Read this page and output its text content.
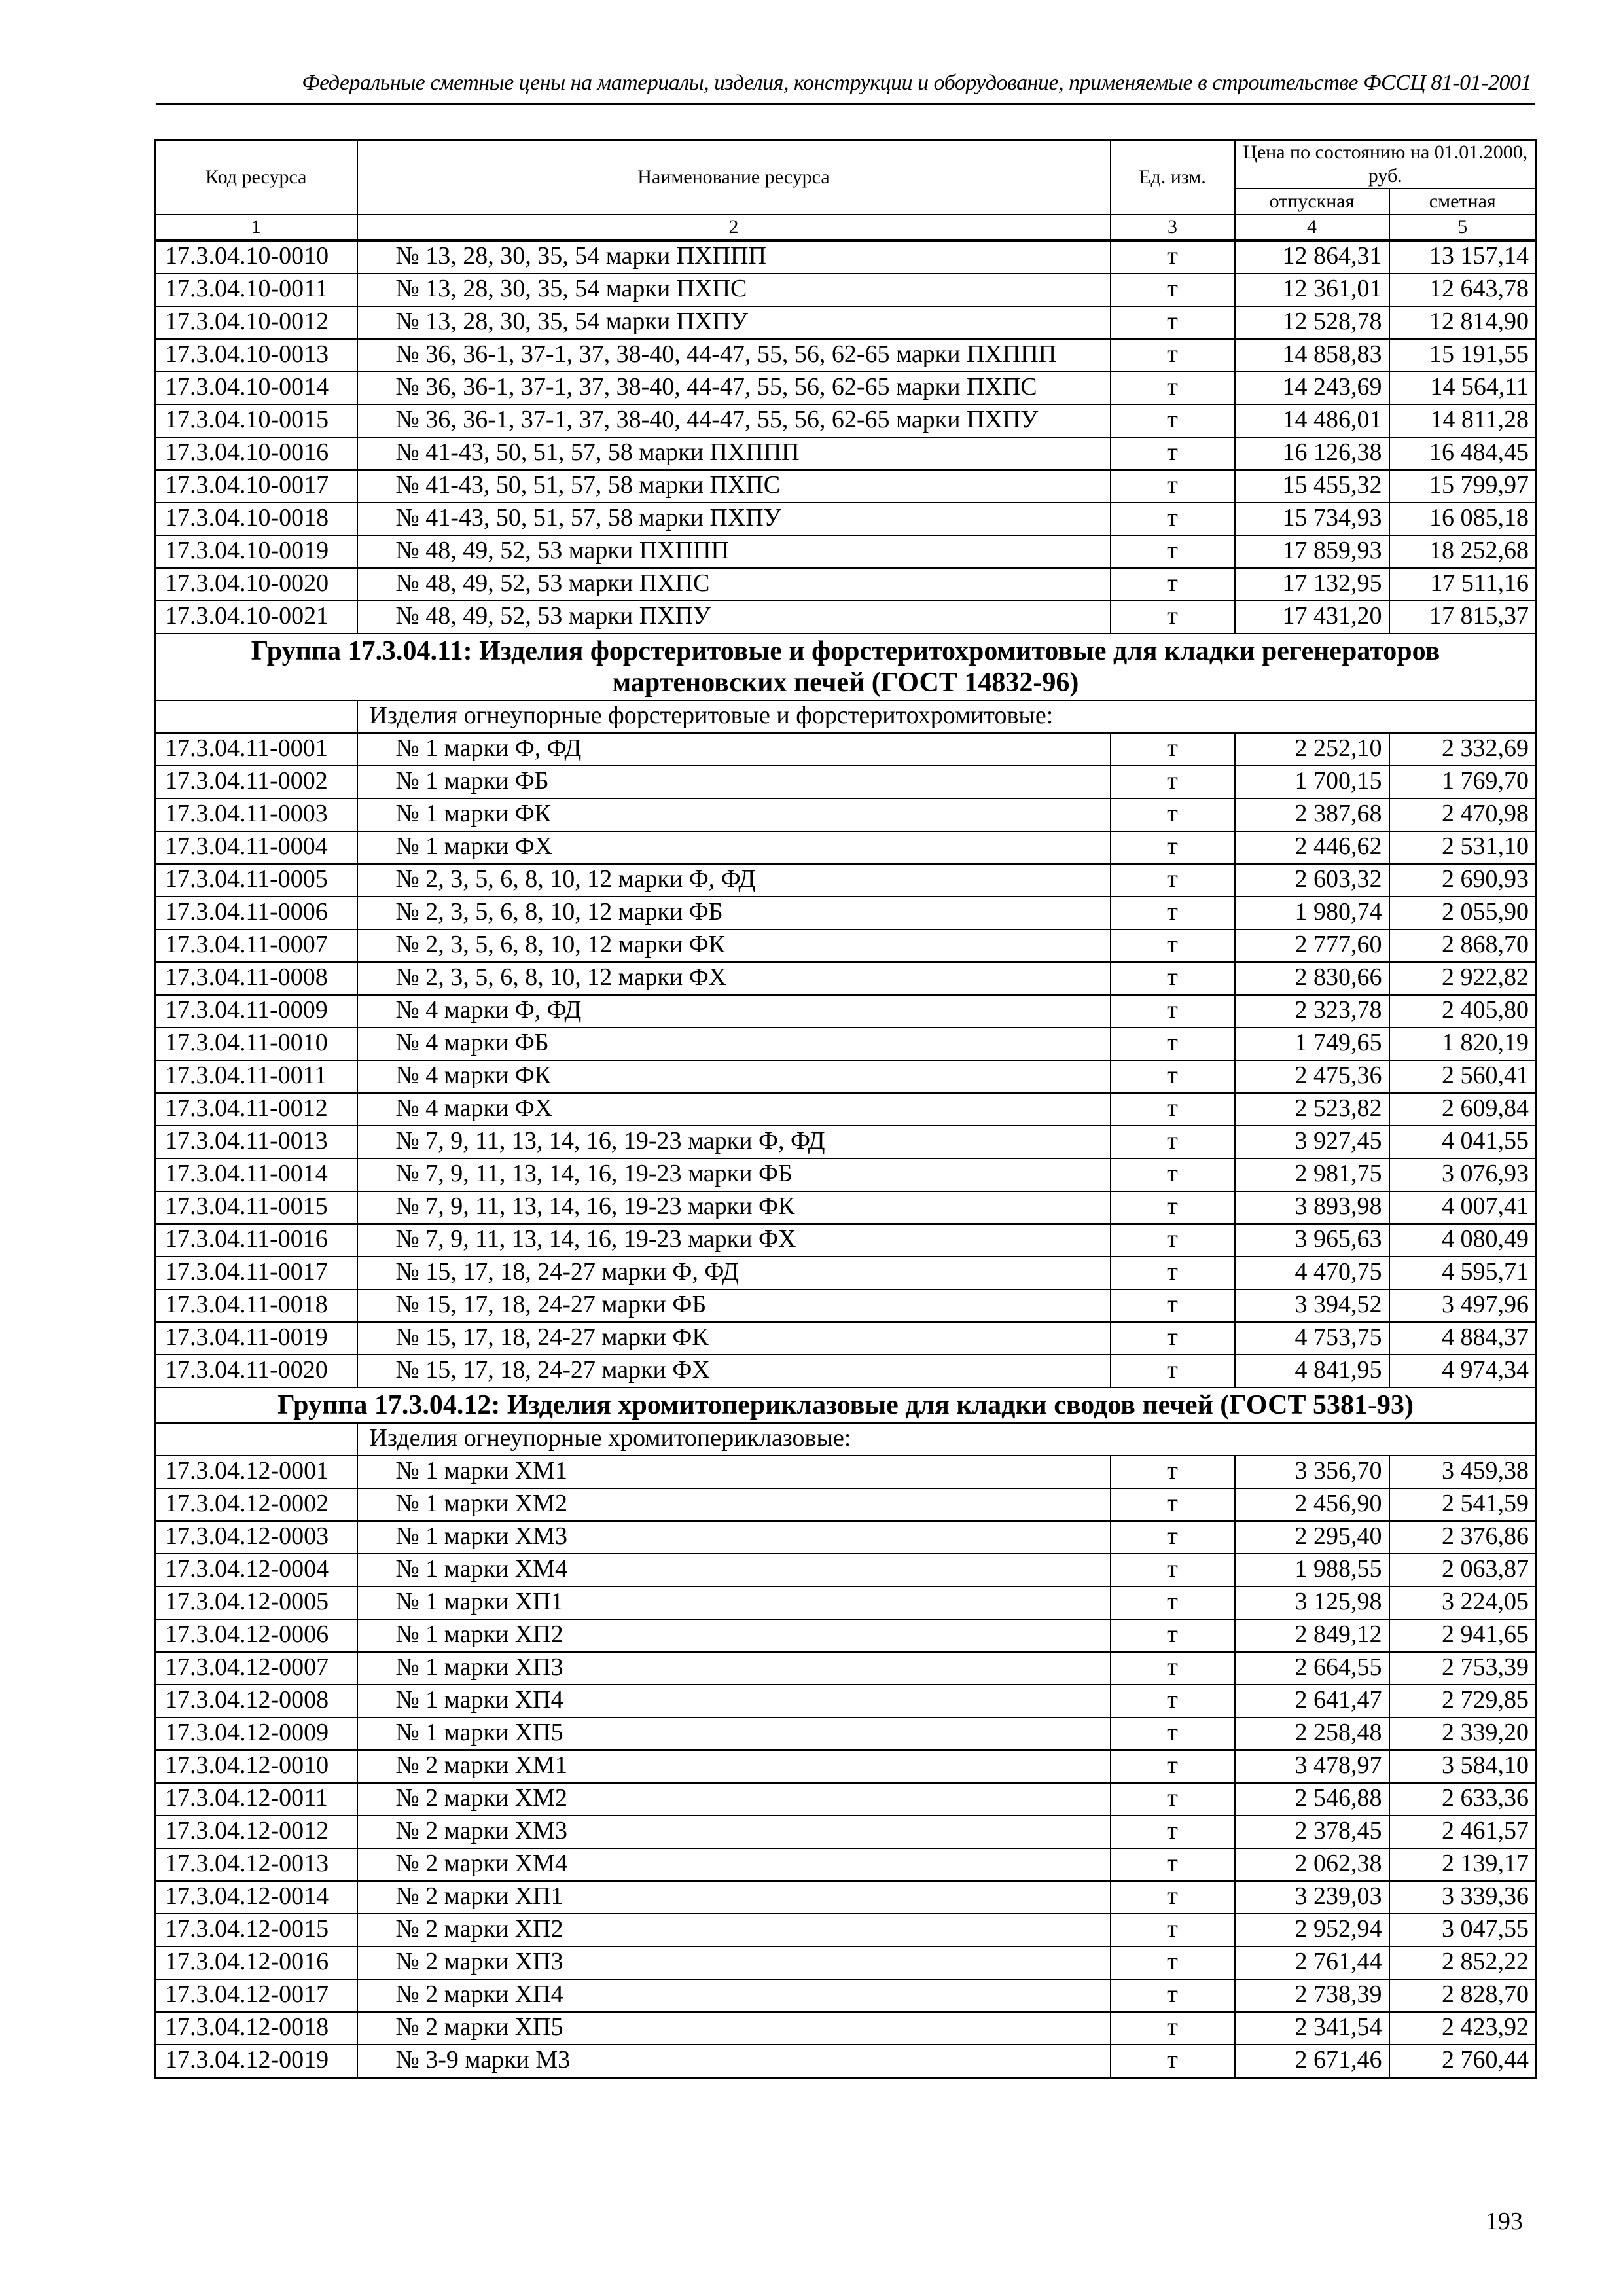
Федеральные сметные цены на материалы, изделия, конструкции и оборудование, применяемые в строительстве ФССЦ 81-01-2001
Код ресурса	Наименование ресурса	Ед. изм.	Цена по состоянию на 01.01.2000, руб.	
			отпускная	сметная
1	2	3	4	5
17.3.04.10-0010	№ 13, 28, 30, 35, 54 марки ПХППП	т	12 864,31	13 157,14
17.3.04.10-0011	№ 13, 28, 30, 35, 54 марки ПХПС	т	12 361,01	12 643,78
17.3.04.10-0012	№ 13, 28, 30, 35, 54 марки ПХПУ	т	12 528,78	12 814,90
17.3.04.10-0013	№ 36, 36-1, 37-1, 37, 38-40, 44-47, 55, 56, 62-65 марки ПХППП	т	14 858,83	15 191,55
17.3.04.10-0014	№ 36, 36-1, 37-1, 37, 38-40, 44-47, 55, 56, 62-65 марки ПХПС	т	14 243,69	14 564,11
17.3.04.10-0015	№ 36, 36-1, 37-1, 37, 38-40, 44-47, 55, 56, 62-65 марки ПХПУ	т	14 486,01	14 811,28
17.3.04.10-0016	№ 41-43, 50, 51, 57, 58 марки ПХППП	т	16 126,38	16 484,45
17.3.04.10-0017	№ 41-43, 50, 51, 57, 58 марки ПХПС	т	15 455,32	15 799,97
17.3.04.10-0018	№ 41-43, 50, 51, 57, 58 марки ПХПУ	т	15 734,93	16 085,18
17.3.04.10-0019	№ 48, 49, 52, 53 марки ПХППП	т	17 859,93	18 252,68
17.3.04.10-0020	№ 48, 49, 52, 53 марки ПХПС	т	17 132,95	17 511,16
17.3.04.10-0021	№ 48, 49, 52, 53 марки ПХПУ	т	17 431,20	17 815,37
Группа 17.3.04.11: Изделия форстеритовые и форстеритохромитовые для кладки регенераторов мартеновских печей (ГОСТ 14832-96)				
	Изделия огнеупорные форстеритовые и форстеритохромитовые:			
17.3.04.11-0001	№ 1 марки Ф, ФД	т	2 252,10	2 332,69
17.3.04.11-0002	№ 1 марки ФБ	т	1 700,15	1 769,70
17.3.04.11-0003	№ 1 марки ФК	т	2 387,68	2 470,98
17.3.04.11-0004	№ 1 марки ФХ	т	2 446,62	2 531,10
17.3.04.11-0005	№ 2, 3, 5, 6, 8, 10, 12 марки Ф, ФД	т	2 603,32	2 690,93
17.3.04.11-0006	№ 2, 3, 5, 6, 8, 10, 12 марки ФБ	т	1 980,74	2 055,90
17.3.04.11-0007	№ 2, 3, 5, 6, 8, 10, 12 марки ФК	т	2 777,60	2 868,70
17.3.04.11-0008	№ 2, 3, 5, 6, 8, 10, 12 марки ФХ	т	2 830,66	2 922,82
17.3.04.11-0009	№ 4 марки Ф, ФД	т	2 323,78	2 405,80
17.3.04.11-0010	№ 4 марки ФБ	т	1 749,65	1 820,19
17.3.04.11-0011	№ 4 марки ФК	т	2 475,36	2 560,41
17.3.04.11-0012	№ 4 марки ФХ	т	2 523,82	2 609,84
17.3.04.11-0013	№ 7, 9, 11, 13, 14, 16, 19-23 марки Ф, ФД	т	3 927,45	4 041,55
17.3.04.11-0014	№ 7, 9, 11, 13, 14, 16, 19-23 марки ФБ	т	2 981,75	3 076,93
17.3.04.11-0015	№ 7, 9, 11, 13, 14, 16, 19-23 марки ФК	т	3 893,98	4 007,41
17.3.04.11-0016	№ 7, 9, 11, 13, 14, 16, 19-23 марки ФХ	т	3 965,63	4 080,49
17.3.04.11-0017	№ 15, 17, 18, 24-27 марки Ф, ФД	т	4 470,75	4 595,71
17.3.04.11-0018	№ 15, 17, 18, 24-27 марки ФБ	т	3 394,52	3 497,96
17.3.04.11-0019	№ 15, 17, 18, 24-27 марки ФК	т	4 753,75	4 884,37
17.3.04.11-0020	№ 15, 17, 18, 24-27 марки ФХ	т	4 841,95	4 974,34
Группа 17.3.04.12: Изделия хромитопериклазовые для кладки сводов печей (ГОСТ 5381-93)				
	Изделия огнеупорные хромитопериклазовые:			
17.3.04.12-0001	№ 1 марки ХМ1	т	3 356,70	3 459,38
17.3.04.12-0002	№ 1 марки ХМ2	т	2 456,90	2 541,59
17.3.04.12-0003	№ 1 марки ХМ3	т	2 295,40	2 376,86
17.3.04.12-0004	№ 1 марки ХМ4	т	1 988,55	2 063,87
17.3.04.12-0005	№ 1 марки ХП1	т	3 125,98	3 224,05
17.3.04.12-0006	№ 1 марки ХП2	т	2 849,12	2 941,65
17.3.04.12-0007	№ 1 марки ХП3	т	2 664,55	2 753,39
17.3.04.12-0008	№ 1 марки ХП4	т	2 641,47	2 729,85
17.3.04.12-0009	№ 1 марки ХП5	т	2 258,48	2 339,20
17.3.04.12-0010	№ 2 марки ХМ1	т	3 478,97	3 584,10
17.3.04.12-0011	№ 2 марки ХМ2	т	2 546,88	2 633,36
17.3.04.12-0012	№ 2 марки ХМ3	т	2 378,45	2 461,57
17.3.04.12-0013	№ 2 марки ХМ4	т	2 062,38	2 139,17
17.3.04.12-0014	№ 2 марки ХП1	т	3 239,03	3 339,36
17.3.04.12-0015	№ 2 марки ХП2	т	2 952,94	3 047,55
17.3.04.12-0016	№ 2 марки ХП3	т	2 761,44	2 852,22
17.3.04.12-0017	№ 2 марки ХП4	т	2 738,39	2 828,70
17.3.04.12-0018	№ 2 марки ХП5	т	2 341,54	2 423,92
17.3.04.12-0019	№ 3-9 марки М3	т	2 671,46	2 760,44
193
